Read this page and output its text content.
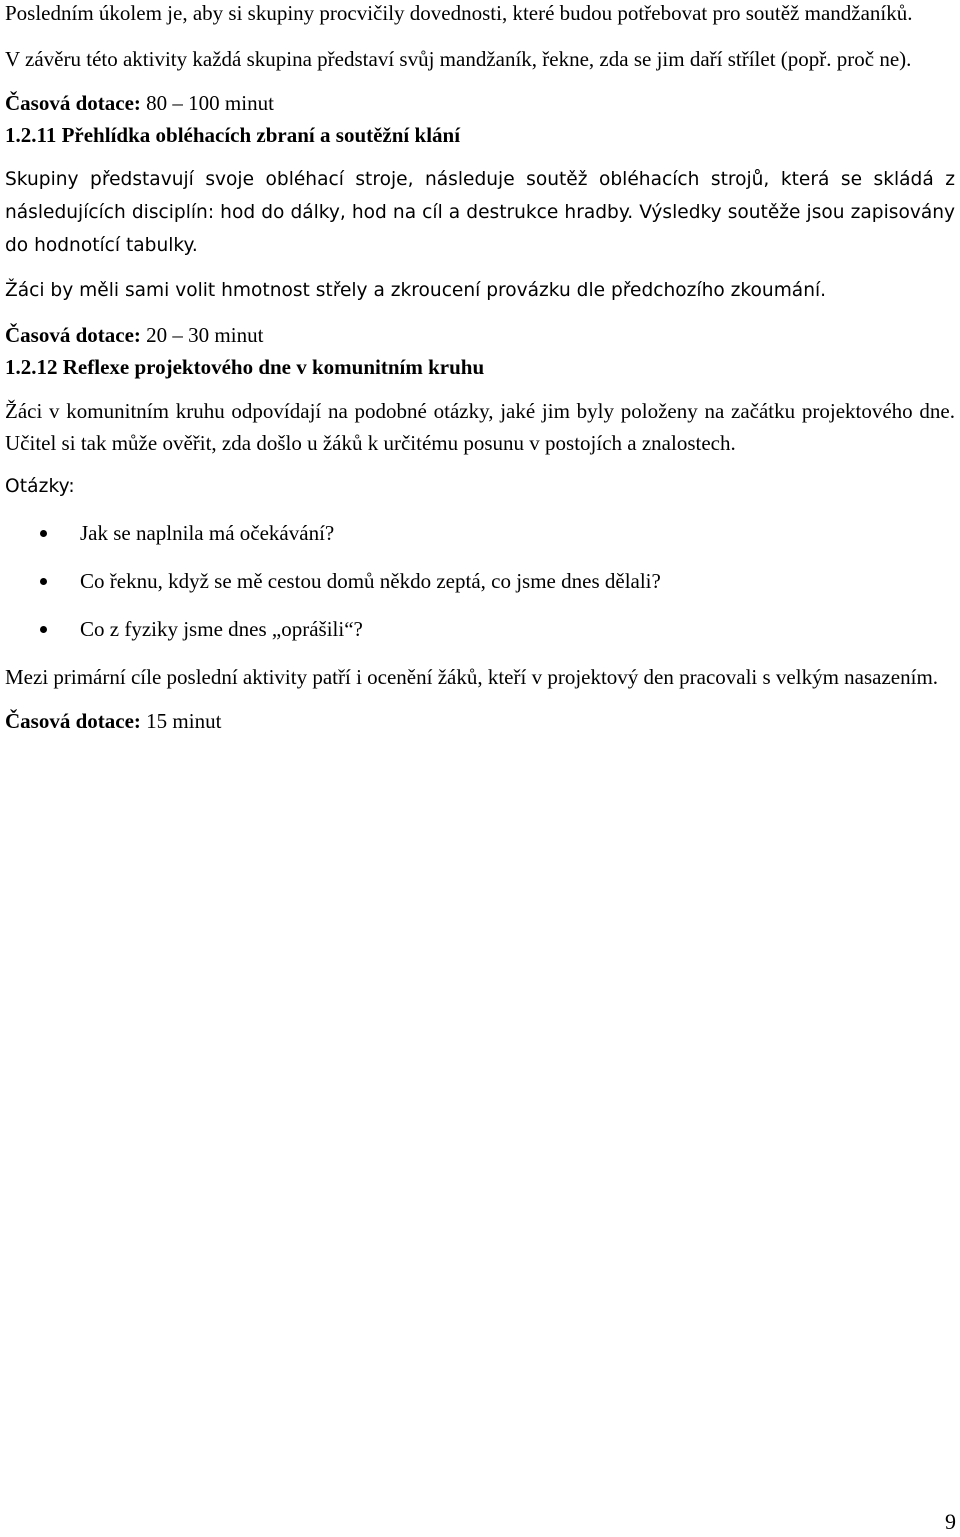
Posledním úkolem je, aby si skupiny procvičily dovednosti, které budou potřebovat pro soutěž mandžaníků.

V závěru této aktivity každá skupina představí svůj mandžaník, řekne, zda se jim daří střílet (popř. proč ne).

Časová dotace: 80 – 100 minut

1.2.11 Přehlídka obléhacích zbraní a soutěžní klání

Skupiny představují svoje obléhací stroje, následuje soutěž obléhacích strojů, která se skládá z následujících disciplín: hod do dálky, hod na cíl a destrukce hradby. Výsledky soutěže jsou zapisovány do hodnotící tabulky.

Žáci by měli sami volit hmotnost střely a zkroucení provázku dle předchozího zkoumání.

Časová dotace: 20 – 30 minut

1.2.12 Reflexe projektového dne v komunitním kruhu

Žáci v komunitním kruhu odpovídají na podobné otázky, jaké jim byly položeny na začátku projektového dne. Učitel si tak může ověřit, zda došlo u žáků k určitému posunu v postojích a znalostech.

Otázky:

Jak se naplnila má očekávání?
Co řeknu, když se mě cestou domů někdo zeptá, co jsme dnes dělali?
Co z fyziky jsme dnes „oprášili“?

Mezi primární cíle poslední aktivity patří i ocenění žáků, kteří v projektový den pracovali s velkým nasazením.

Časová dotace: 15 minut

9
